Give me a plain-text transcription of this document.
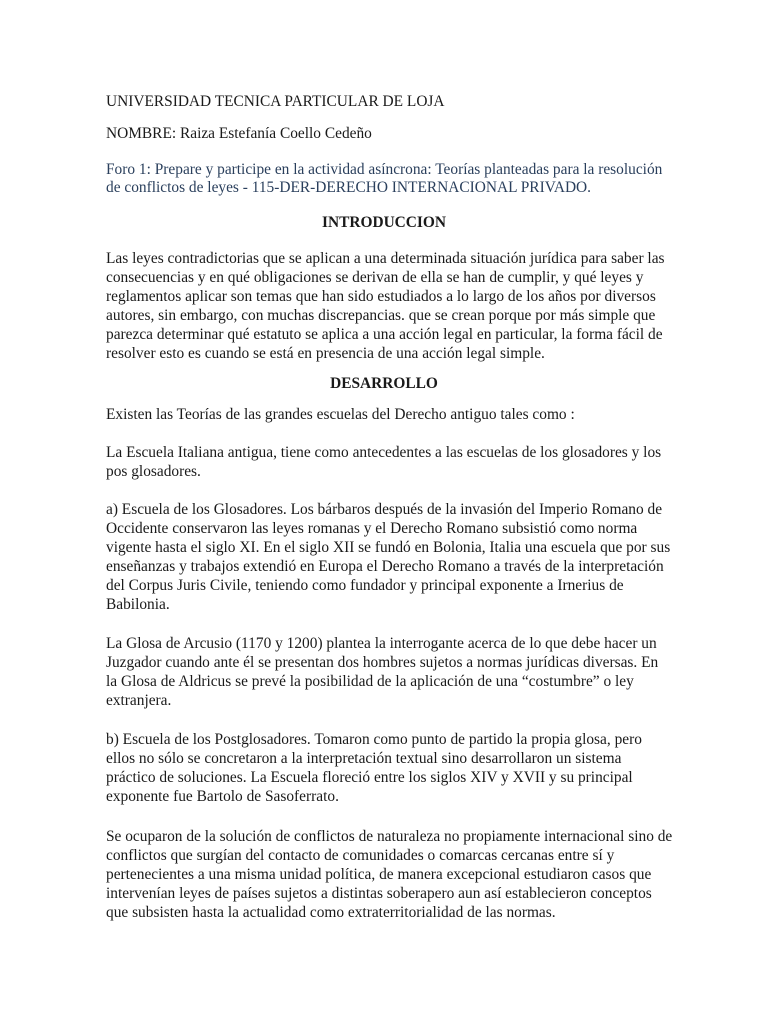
UNIVERSIDAD TECNICA PARTICULAR DE LOJA

NOMBRE: Raiza Estefanía Coello Cedeño

Foro 1: Prepare y participe en la actividad asíncrona: Teorías planteadas para la resolución

de conflictos de leyes - 115-DER-DERECHO INTERNACIONAL PRIVADO.

INTRODUCCION

Las leyes contradictorias que se aplican a una determinada situación jurídica para saber las

consecuencias y en qué obligaciones se derivan de ella se han de cumplir, y qué leyes y

reglamentos aplicar son temas que han sido estudiados a lo largo de los años por diversos

autores, sin embargo, con muchas discrepancias. que se crean porque por más simple que

parezca determinar qué estatuto se aplica a una acción legal en particular, la forma fácil de

resolver esto es cuando se está en presencia de una acción legal simple.

DESARROLLO

Existen las Teorías de las grandes escuelas del Derecho antiguo tales como :

La Escuela Italiana antigua, tiene como antecedentes a las escuelas de los glosadores y los

pos glosadores.

a) Escuela de los Glosadores. Los bárbaros después de la invasión del Imperio Romano de

Occidente conservaron las leyes romanas y el Derecho Romano subsistió como norma

vigente hasta el siglo XI. En el siglo XII se fundó en Bolonia, Italia una escuela que por sus

enseñanzas y trabajos extendió en Europa el Derecho Romano a través de la interpretación

del Corpus Juris Civile, teniendo como fundador y principal exponente a Irnerius de

Babilonia.

La Glosa de Arcusio (1170 y 1200) plantea la interrogante acerca de lo que debe hacer un

Juzgador cuando ante él se presentan dos hombres sujetos a normas jurídicas diversas. En

la Glosa de Aldricus se prevé la posibilidad de la aplicación de una “costumbre” o ley

extranjera.

b) Escuela de los Postglosadores. Tomaron como punto de partido la propia glosa, pero

ellos no sólo se concretaron a la interpretación textual sino desarrollaron un sistema

práctico de soluciones. La Escuela floreció entre los siglos XIV y XVII y su principal

exponente fue Bartolo de Sasoferrato.

Se ocuparon de la solución de conflictos de naturaleza no propiamente internacional sino de

conflictos que surgían del contacto de comunidades o comarcas cercanas entre sí y

pertenecientes a una misma unidad política, de manera excepcional estudiaron casos que

intervenían leyes de países sujetos a distintas soberapero aun así establecieron conceptos

que subsisten hasta la actualidad como extraterritorialidad de las normas.
